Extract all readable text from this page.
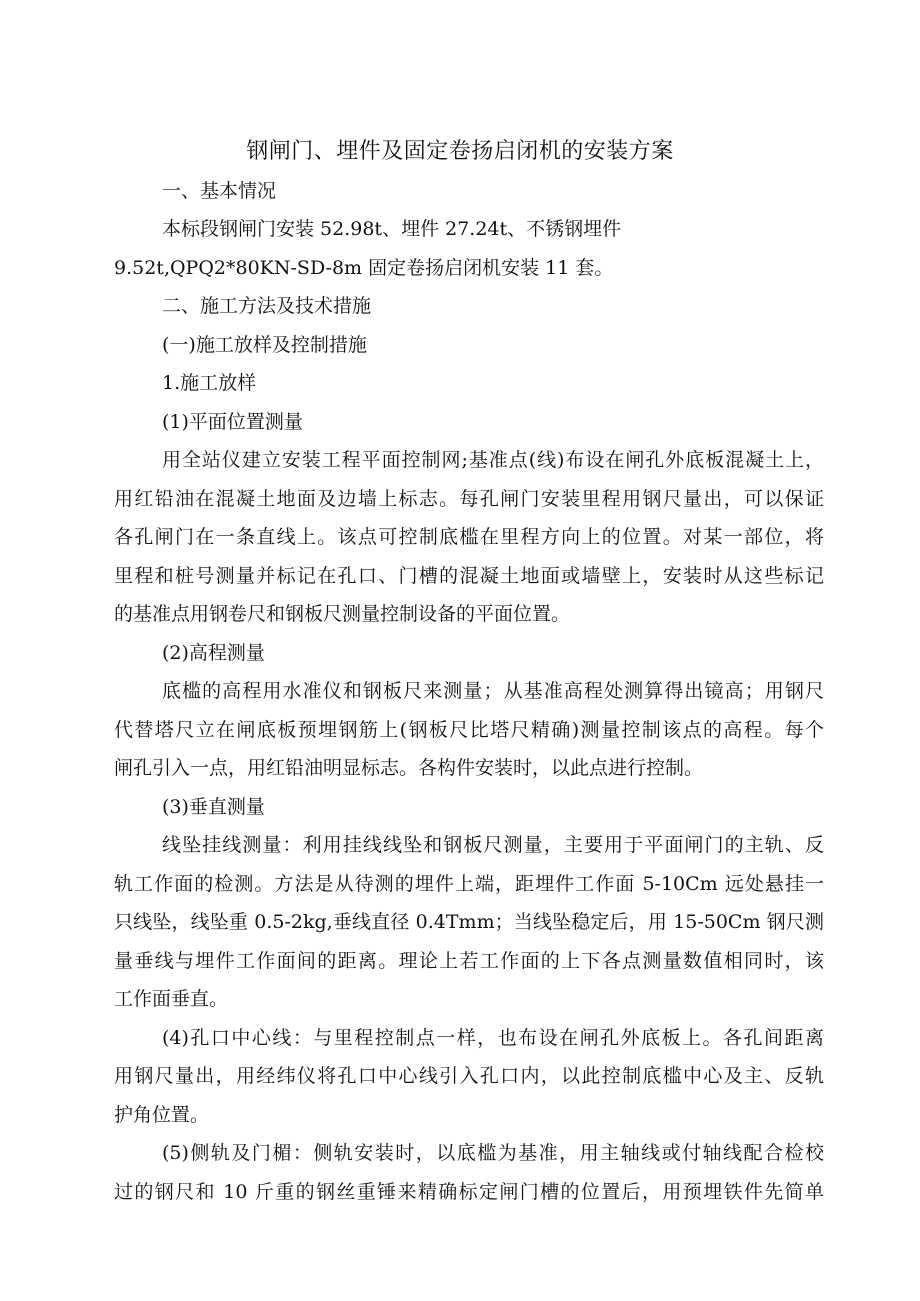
钢闸门、埋件及固定卷扬启闭机的安装方案
一、基本情况
本标段钢闸门安装 52.98t、埋件 27.24t、不锈钢埋件
9.52t,QPQ2*80KN-SD-8m 固定卷扬启闭机安装 11 套。
二、施工方法及技术措施
(一)施工放样及控制措施
1.施工放样
(1)平面位置测量
用全站仪建立安装工程平面控制网;基准点(线)布设在闸孔外底板混凝土上，
用红铅油在混凝土地面及边墙上标志。每孔闸门安装里程用钢尺量出，可以保证
各孔闸门在一条直线上。该点可控制底槛在里程方向上的位置。对某一部位，将
里程和桩号测量并标记在孔口、门槽的混凝土地面或墙壁上，安装时从这些标记
的基准点用钢卷尺和钢板尺测量控制设备的平面位置。
(2)高程测量
底槛的高程用水准仪和钢板尺来测量；从基准高程处测算得出镜高；用钢尺
代替塔尺立在闸底板预埋钢筋上(钢板尺比塔尺精确)测量控制该点的高程。每个
闸孔引入一点，用红铅油明显标志。各构件安装时，以此点进行控制。
(3)垂直测量
线坠挂线测量：利用挂线线坠和钢板尺测量，主要用于平面闸门的主轨、反
轨工作面的检测。方法是从待测的埋件上端，距埋件工作面 5-10Cm 远处悬挂一
只线坠，线坠重 0.5-2kg,垂线直径 0.4Tmm；当线坠稳定后，用 15-50Cm 钢尺测
量垂线与埋件工作面间的距离。理论上若工作面的上下各点测量数值相同时，该
工作面垂直。
(4)孔口中心线：与里程控制点一样，也布设在闸孔外底板上。各孔间距离
用钢尺量出，用经纬仪将孔口中心线引入孔口内，以此控制底槛中心及主、反轨
护角位置。
(5)侧轨及门楣：侧轨安装时，以底槛为基准，用主轴线或付轴线配合检校
过的钢尺和 10 斤重的钢丝重锤来精确标定闸门槽的位置后，用预埋铁件先简单
